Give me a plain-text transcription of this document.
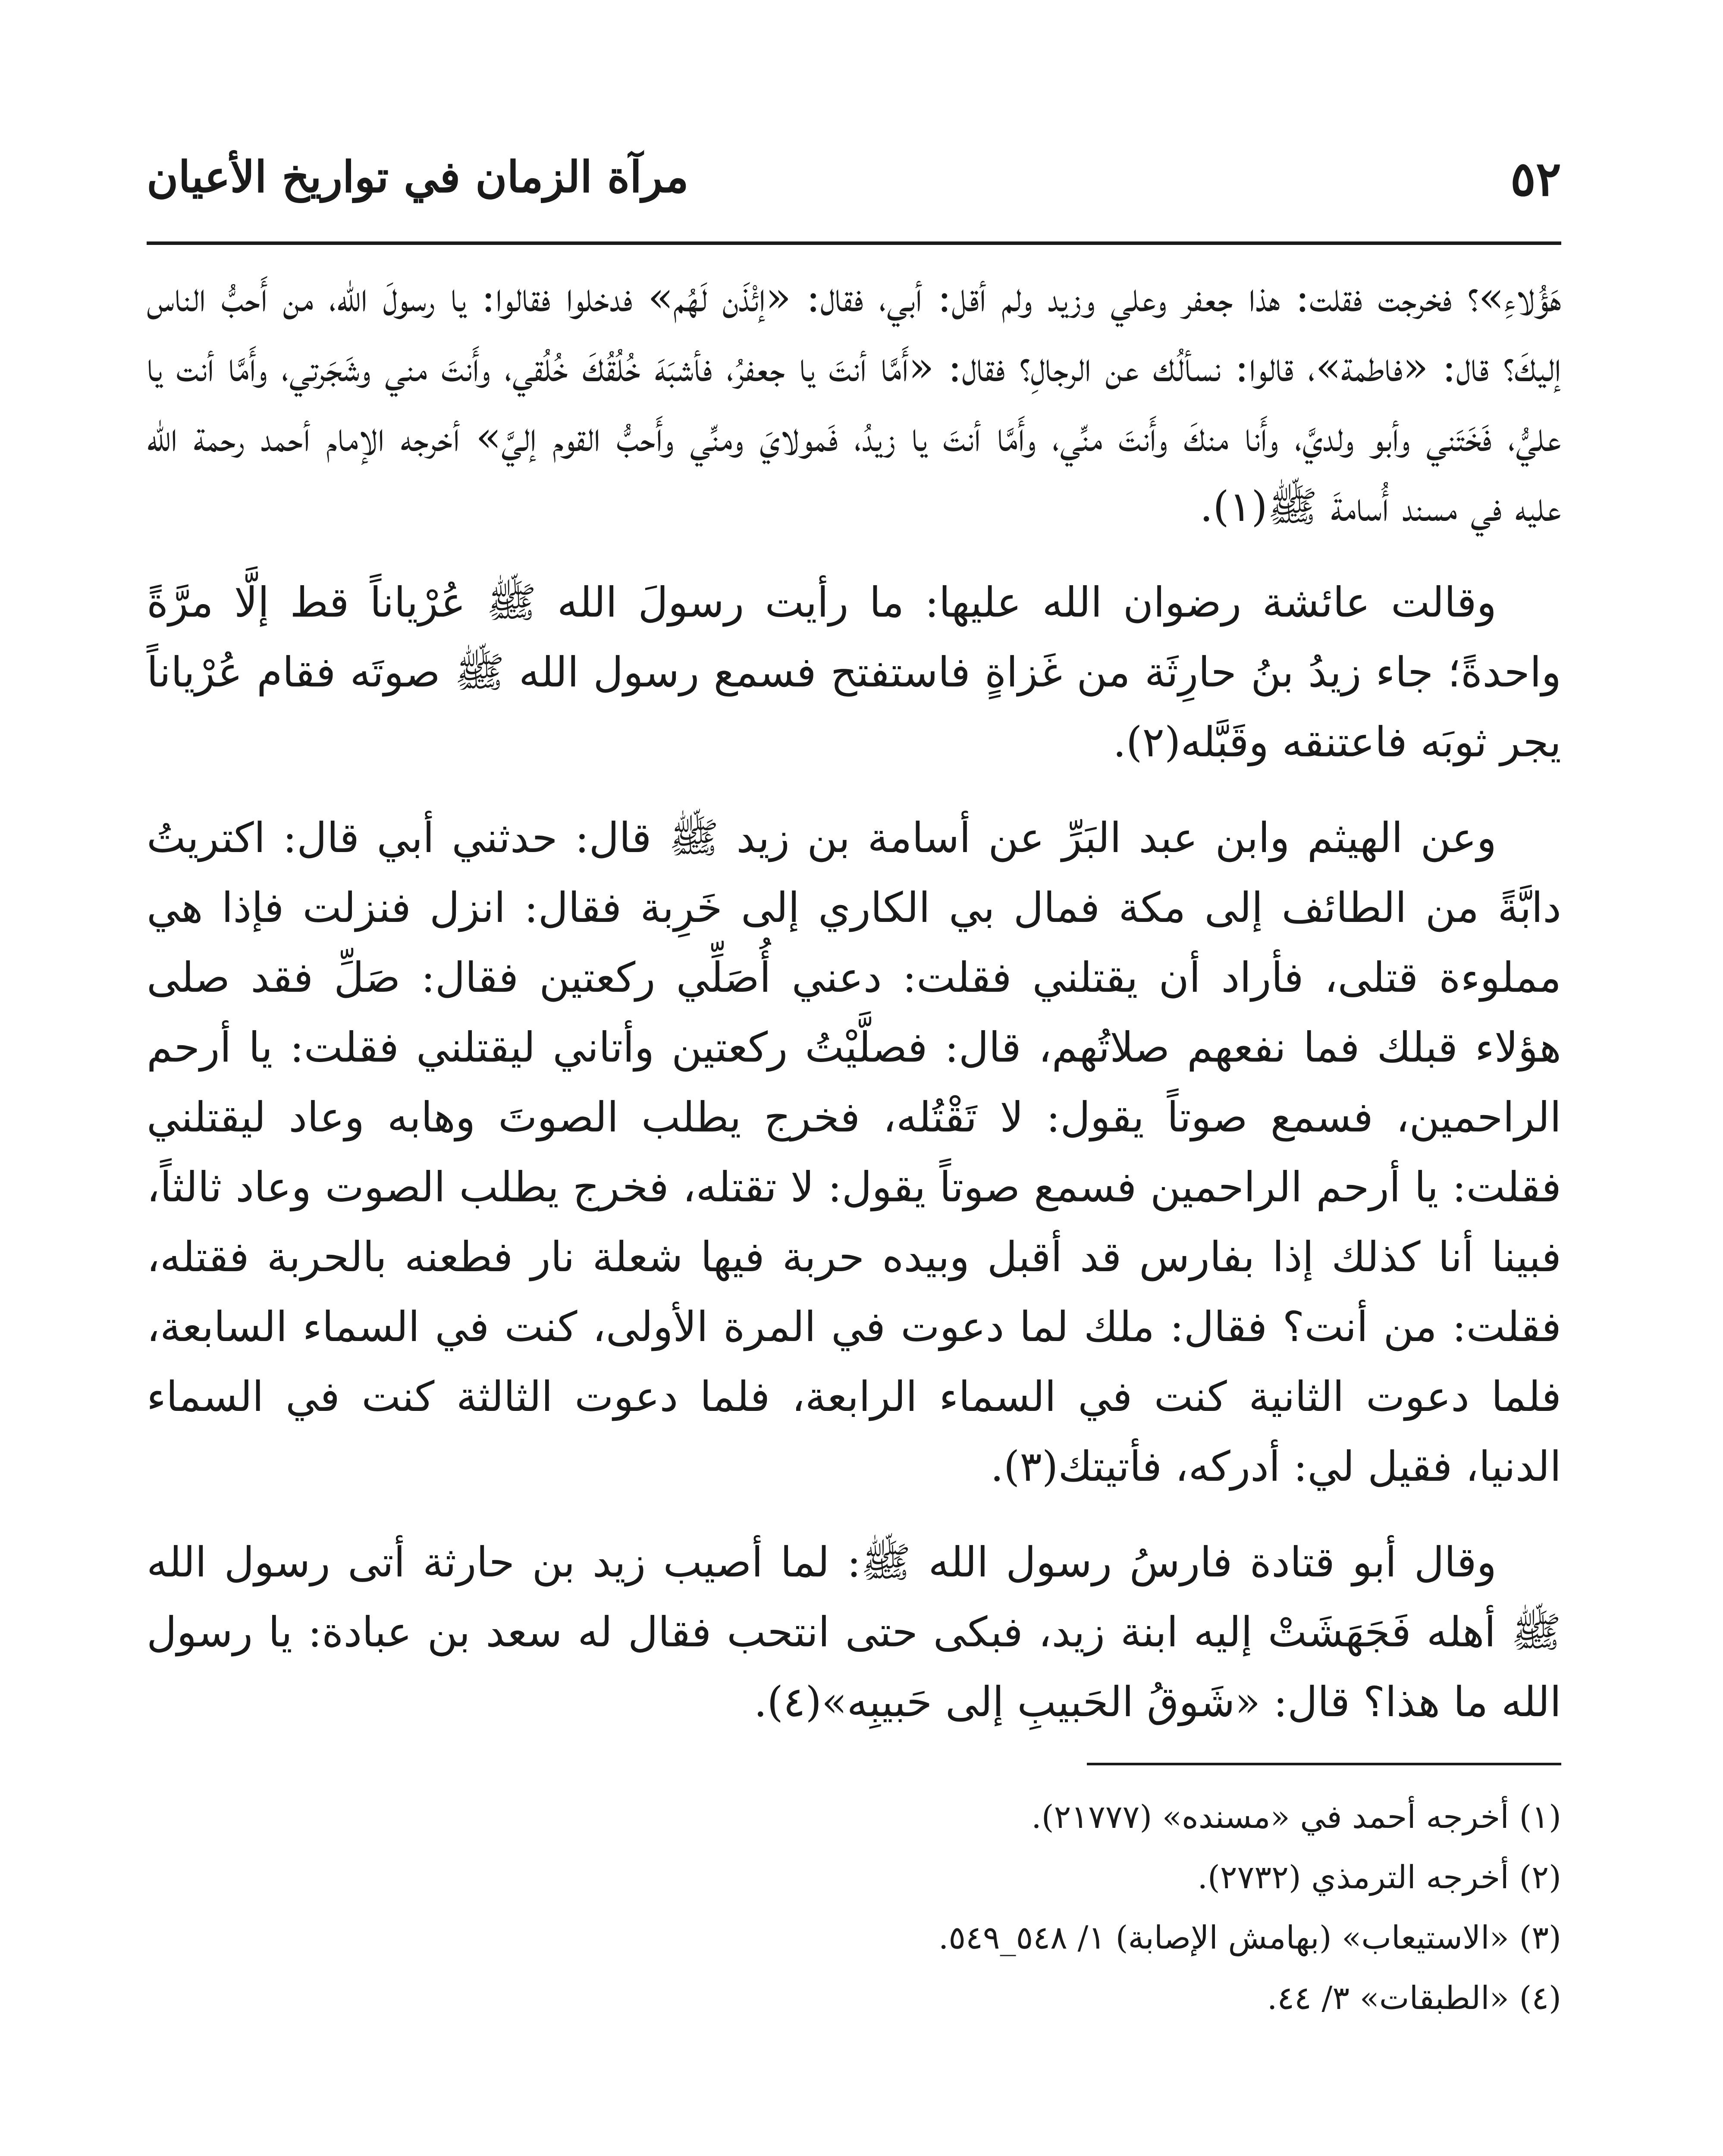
٥٢
مرآة الزمان في تواريخ الأعيان

هَؤُلاءِ»؟ فخرجت فقلت: هذا جعفر وعلي وزيد ولم أقل: أبي، فقال: «إئْذَن لَهُم» فدخلوا فقالوا: يا رسولَ الله، من أَحبُّ الناس إليكَ؟ قال: «فاطمة»، قالوا: نسألُك عن الرجالِ؟ فقال: «أَمَّا أنتَ يا جعفرُ، فأشبَهَ خُلُقُكَ خُلُقي، وأَنتَ مني وشَجَرتي، وأَمَّا أنت يا عليُّ، فَخَتَني وأبو ولديَّ، وأَنا منكَ وأَنتَ منِّي، وأَمَّا أنتَ يا زيدُ، فَمولايَ ومنِّي وأَحبُّ القوم إليَّ» أخرجه الإمام أحمد رحمة الله عليه في مسند أُسامةَ ﷺ(١).

وقالت عائشة رضوان الله عليها: ما رأيت رسولَ الله ﷺ عُرْياناً قط إلَّا مرَّةً واحدةً؛ جاء زيدُ بنُ حارِثَة من غَزاةٍ فاستفتح فسمع رسول الله ﷺ صوتَه فقام عُرْياناً يجر ثوبَه فاعتنقه وقَبَّله(٢).

وعن الهيثم وابن عبد البَرِّ عن أسامة بن زيد ﷺ قال: حدثني أبي قال: اكتريتُ دابَّةً من الطائف إلى مكة فمال بي الكاري إلى خَرِبة فقال: انزل فنزلت فإذا هي مملوءة قتلى، فأراد أن يقتلني فقلت: دعني أُصَلِّي ركعتين فقال: صَلِّ فقد صلى هؤلاء قبلك فما نفعهم صلاتُهم، قال: فصلَّيْتُ ركعتين وأتاني ليقتلني فقلت: يا أرحم الراحمين، فسمع صوتاً يقول: لا تَقْتُله، فخرج يطلب الصوتَ وهابه وعاد ليقتلني فقلت: يا أرحم الراحمين فسمع صوتاً يقول: لا تقتله، فخرج يطلب الصوت وعاد ثالثاً، فبينا أنا كذلك إذا بفارس قد أقبل وبيده حربة فيها شعلة نار فطعنه بالحربة فقتله، فقلت: من أنت؟ فقال: ملك لما دعوت في المرة الأولى، كنت في السماء السابعة، فلما دعوت الثانية كنت في السماء الرابعة، فلما دعوت الثالثة كنت في السماء الدنيا، فقيل لي: أدركه، فأتيتك(٣).

وقال أبو قتادة فارسُ رسول الله ﷺ: لما أصيب زيد بن حارثة أتى رسول الله ﷺ أهله فَجَهَشَتْ إليه ابنة زيد، فبكى حتى انتحب فقال له سعد بن عبادة: يا رسول الله ما هذا؟ قال: «شَوقُ الحَبيبِ إلى حَبيبِه»(٤).

(١) أخرجه أحمد في «مسنده» (٢١٧٧٧).
(٢) أخرجه الترمذي (٢٧٣٢).
(٣) «الاستيعاب» (بهامش الإصابة) ١/ ٥٤٨_٥٤٩.
(٤) «الطبقات» ٣/ ٤٤.
